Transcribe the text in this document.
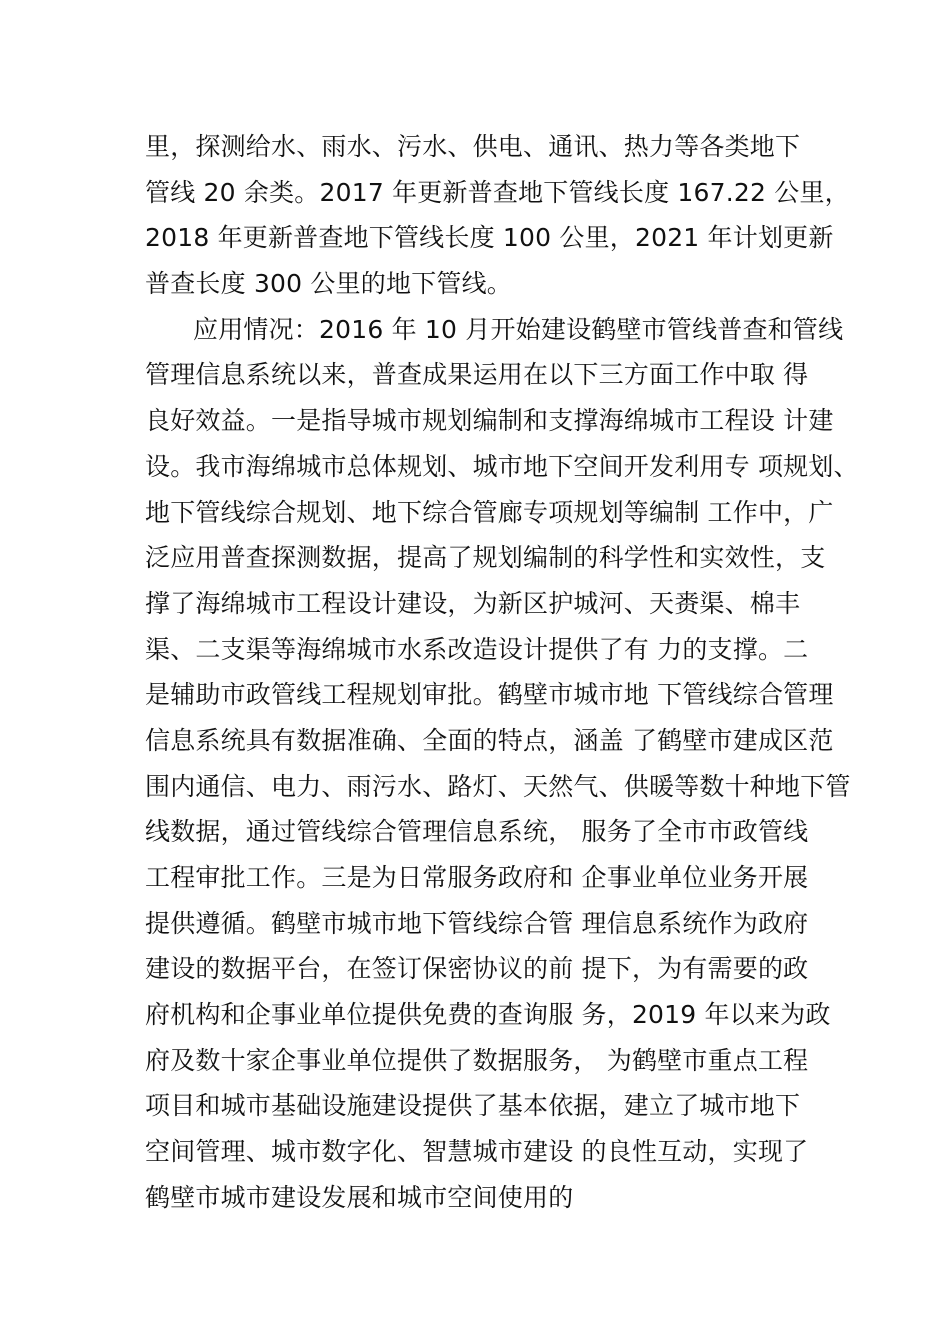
里，探测给水、雨水、污水、供电、通讯、热力等各类地下
管线 20 余类。2017 年更新普查地下管线长度 167.22 公里，
2018 年更新普查地下管线长度 100 公里，2021 年计划更新
普查长度 300 公里的地下管线。
应用情况：2016 年 10 月开始建设鹤壁市管线普查和管线
管理信息系统以来，普查成果运用在以下三方面工作中取 得
良好效益。一是指导城市规划编制和支撑海绵城市工程设 计建
设。我市海绵城市总体规划、城市地下空间开发利用专 项规划、
地下管线综合规划、地下综合管廊专项规划等编制 工作中，广
泛应用普查探测数据，提高了规划编制的科学性和实效性，支
撑了海绵城市工程设计建设，为新区护城河、天赉渠、棉丰
渠、二支渠等海绵城市水系改造设计提供了有 力的支撑。二
是辅助市政管线工程规划审批。鹤壁市城市地 下管线综合管理
信息系统具有数据准确、全面的特点，涵盖 了鹤壁市建成区范
围内通信、电力、雨污水、路灯、天然气、供暖等数十种地下管
线数据，通过管线综合管理信息系统， 服务了全市市政管线
工程审批工作。三是为日常服务政府和 企事业单位业务开展
提供遵循。鹤壁市城市地下管线综合管 理信息系统作为政府
建设的数据平台，在签订保密协议的前 提下，为有需要的政
府机构和企事业单位提供免费的查询服 务，2019 年以来为政
府及数十家企事业单位提供了数据服务， 为鹤壁市重点工程
项目和城市基础设施建设提供了基本依据，建立了城市地下
空间管理、城市数字化、智慧城市建设 的良性互动，实现了
鹤壁市城市建设发展和城市空间使用的
